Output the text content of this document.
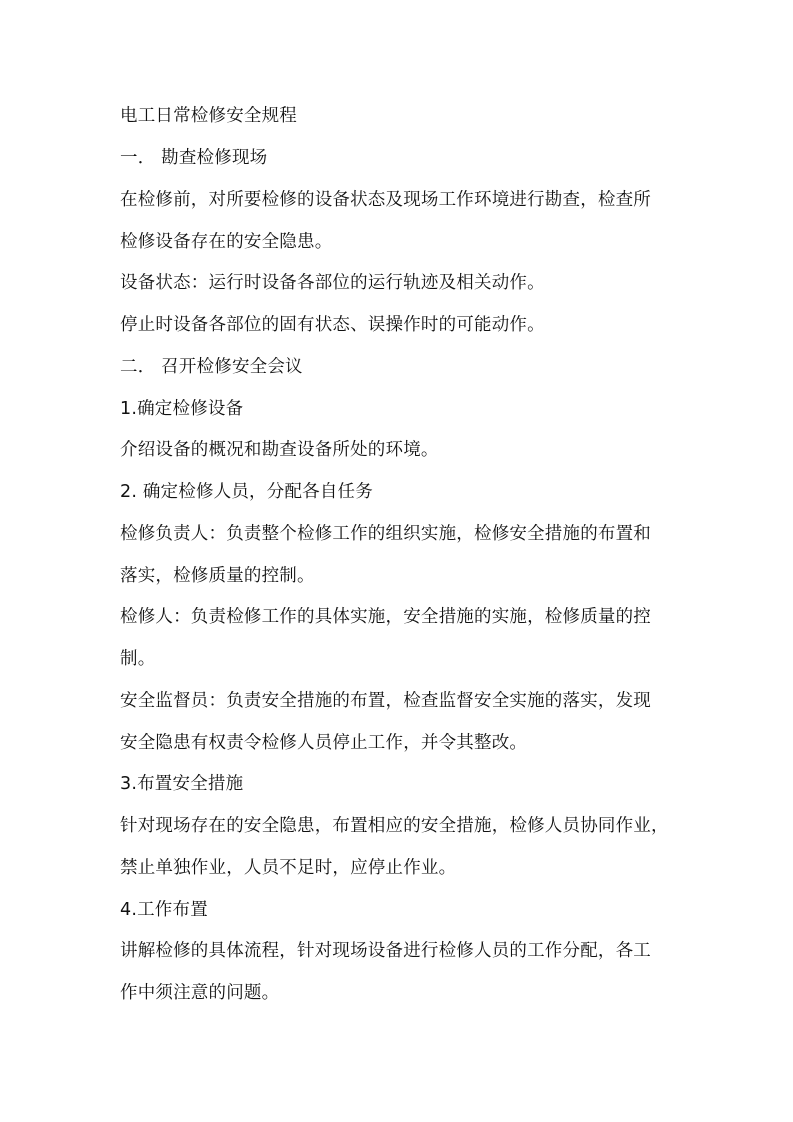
电工日常检修安全规程
一． 勘查检修现场
在检修前，对所要检修的设备状态及现场工作环境进行勘查，检查所
检修设备存在的安全隐患。
设备状态：运行时设备各部位的运行轨迹及相关动作。
停止时设备各部位的固有状态、误操作时的可能动作。
二． 召开检修安全会议
1.确定检修设备
介绍设备的概况和勘查设备所处的环境。
2. 确定检修人员，分配各自任务
检修负责人：负责整个检修工作的组织实施，检修安全措施的布置和
落实，检修质量的控制。
检修人：负责检修工作的具体实施，安全措施的实施，检修质量的控
制。
安全监督员：负责安全措施的布置，检查监督安全实施的落实，发现
安全隐患有权责令检修人员停止工作，并令其整改。
3.布置安全措施
针对现场存在的安全隐患，布置相应的安全措施，检修人员协同作业，
禁止单独作业，人员不足时，应停止作业。
4.工作布置
讲解检修的具体流程，针对现场设备进行检修人员的工作分配，各工
作中须注意的问题。
